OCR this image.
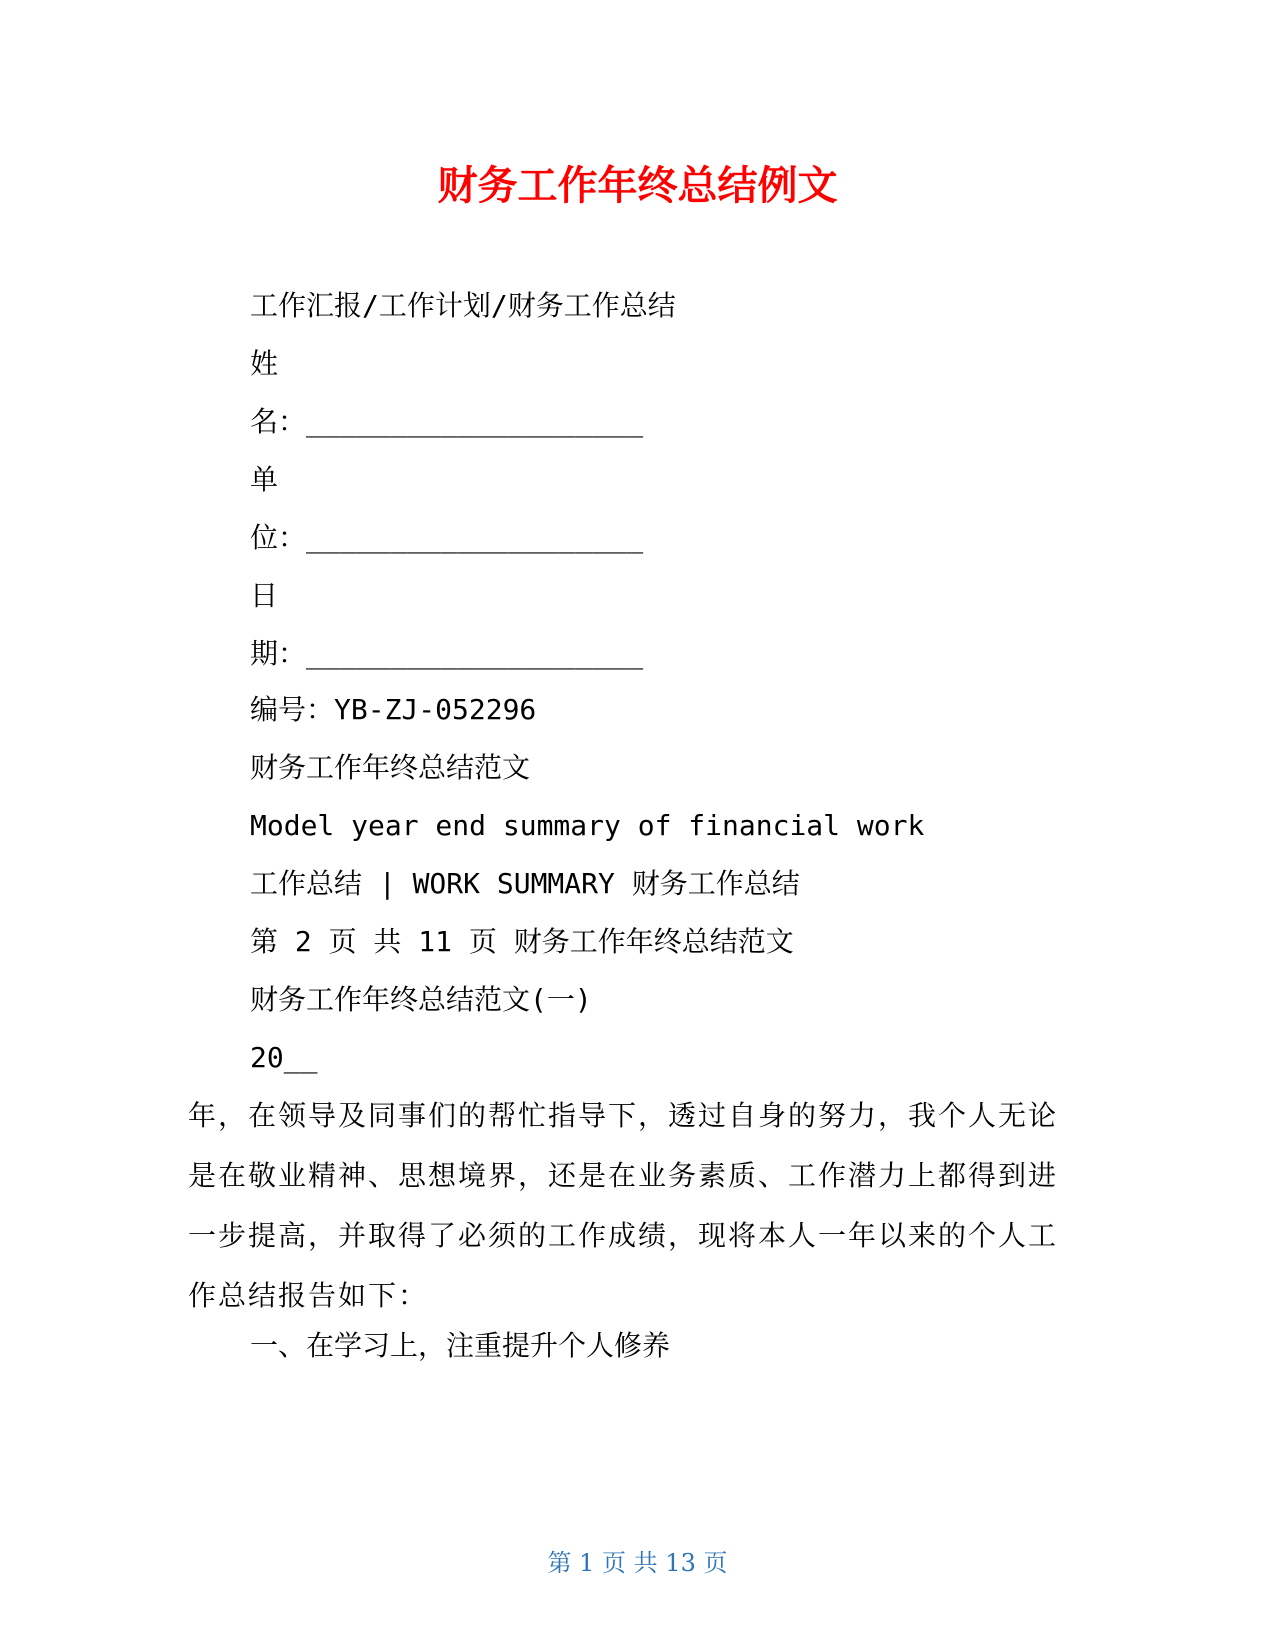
财务工作年终总结例文

工作汇报/工作计划/财务工作总结

姓

名：____________________

单

位：____________________

日

期：____________________

编号：YB-ZJ-052296

财务工作年终总结范文

Model year end summary of financial work

工作总结 | WORK SUMMARY 财务工作总结

第 2 页 共 11 页 财务工作年终总结范文

财务工作年终总结范文(一)

20__

年，在领导及同事们的帮忙指导下，透过自身的努力，我个人无论是在敬业精神、思想境界，还是在业务素质、工作潜力上都得到进一步提高，并取得了必须的工作成绩，现将本人一年以来的个人工作总结报告如下：

一、在学习上，注重提升个人修养

第 1 页 共 13 页
